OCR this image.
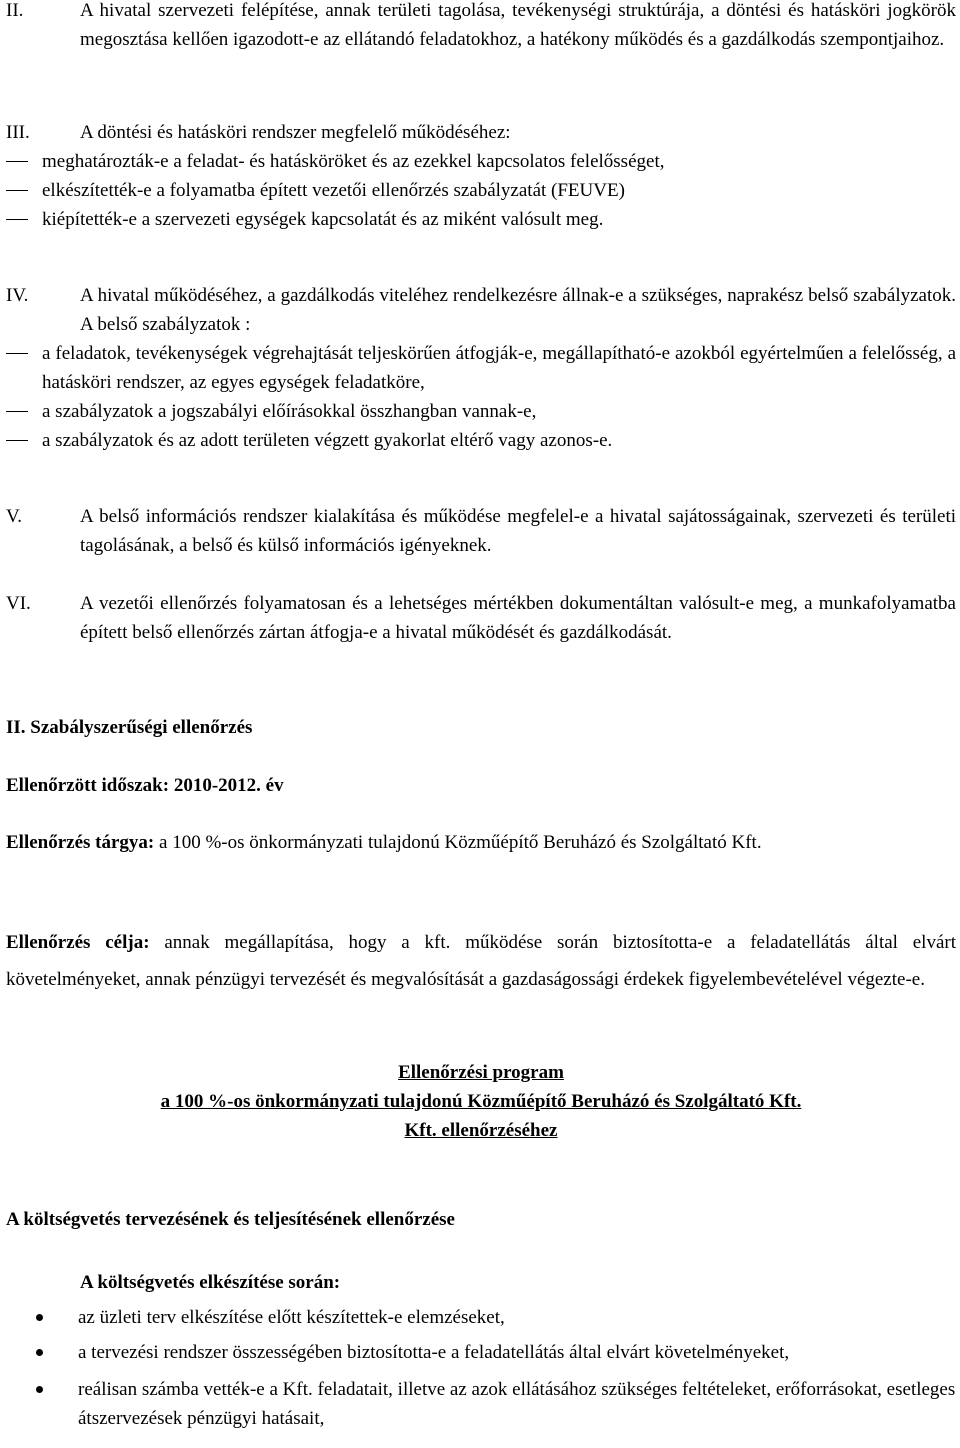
II.	A hivatal szervezeti felépítése, annak területi tagolása, tevékenységi struktúrája, a döntési és hatásköri jogkörök megosztása kellően igazodott-e az ellátandó feladatokhoz, a hatékony működés és a gazdálkodás szempontjaihoz.
III.	A döntési és hatásköri rendszer megfelelő működéséhez:
meghatározták-e a feladat- és hatásköröket és az ezekkel kapcsolatos felelősséget,
elkészítették-e a folyamatba épített vezetői ellenőrzés szabályzatát (FEUVE)
kiépítették-e a szervezeti egységek kapcsolatát és az miként valósult meg.
IV.	A hivatal működéséhez, a gazdálkodás viteléhez rendelkezésre állnak-e a szükséges, naprakész belső szabályzatok. A belső szabályzatok :
a feladatok, tevékenységek végrehajtását teljeskörűen átfogják-e, megállapítható-e azokból egyértelműen a felelősség, a hatásköri rendszer, az egyes egységek feladatköre,
a szabályzatok a jogszabályi előírásokkal összhangban vannak-e,
a szabályzatok és az adott területen végzett gyakorlat eltérő vagy azonos-e.
V.	A belső információs rendszer kialakítása és működése megfelel-e a hivatal sajátosságainak, szervezeti és területi tagolásának, a belső és külső információs igényeknek.
VI.	A vezetői ellenőrzés folyamatosan és a lehetséges mértékben dokumentáltan valósult-e meg, a munkafolyamatba épített belső ellenőrzés zártan átfogja-e a hivatal működését és gazdálkodását.
II. Szabályszerűségi ellenőrzés
Ellenőrzött időszak: 2010-2012. év
Ellenőrzés tárgya: a 100 %-os önkormányzati tulajdonú Közműépítő Beruházó és Szolgáltató Kft.
Ellenőrzés célja: annak megállapítása, hogy a kft. működése során biztosította-e a feladatellátás által elvárt követelményeket, annak pénzügyi tervezését és megvalósítását a gazdaságossági érdekek figyelembevételével végezte-e.
Ellenőrzési program
a 100 %-os önkormányzati tulajdonú Közműépítő Beruházó és Szolgáltató Kft.
Kft. ellenőrzéséhez
A költségvetés tervezésének és teljesítésének ellenőrzése
A költségvetés elkészítése során:
az üzleti terv elkészítése előtt készítettek-e elemzéseket,
a tervezési rendszer összességében biztosította-e a feladatellátás által elvárt követelményeket,
reálisan számba vették-e a Kft. feladatait, illetve az azok ellátásához szükséges feltételeket, erőforrásokat, esetleges átszervezések pénzügyi hatásait,
